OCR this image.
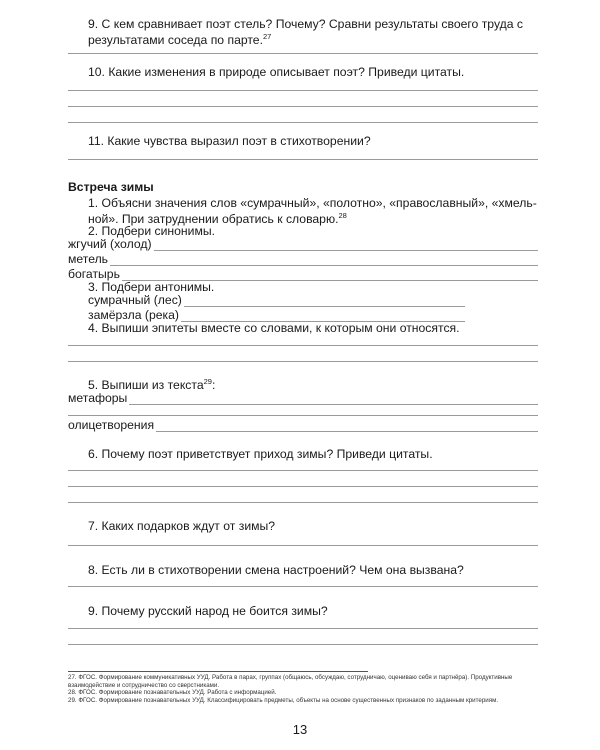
9. С кем сравнивает поэт стель? Почему? Сравни результаты своего труда с результатами соседа по парте.$^{27}$
10. Какие изменения в природе описывает поэт? Приведи цитаты.
11. Какие чувства выразил поэт в стихотворении?
Встреча зимы
1. Объясни значения слов «сумрачный», «полотно», «православный», «хмель-ной». При затруднении обратись к словарю.$^{28}$
2. Подбери синонимы.
жгучий (холод)
метель
богатырь
3. Подбери антонимы.
сумрачный (лес)
замёрзла (река)
4. Выпиши эпитеты вместе со словами, к которым они относятся.
5. Выпиши из текста$^{29}$:
метафоры
олицетворения
6. Почему поэт приветствует приход зимы? Приведи цитаты.
7. Каких подарков ждут от зимы?
8. Есть ли в стихотворении смена настроений? Чем она вызвана?
9. Почему русский народ не боится зимы?
27. ФГОС. Формирование коммуникативных УУД. Работа в парах, группах (общаюсь, обсуждаю, сотрудничаю, оцениваю себя и партнёра). Продуктивные взаимодействие и сотрудничество со сверстниками.
28. ФГОС. Формирование познавательных УУД. Работа с информацией.
29. ФГОС. Формирование познавательных УУД. Классифицировать предметы, объекты на основе существенных признаков по заданным критериям.
13
